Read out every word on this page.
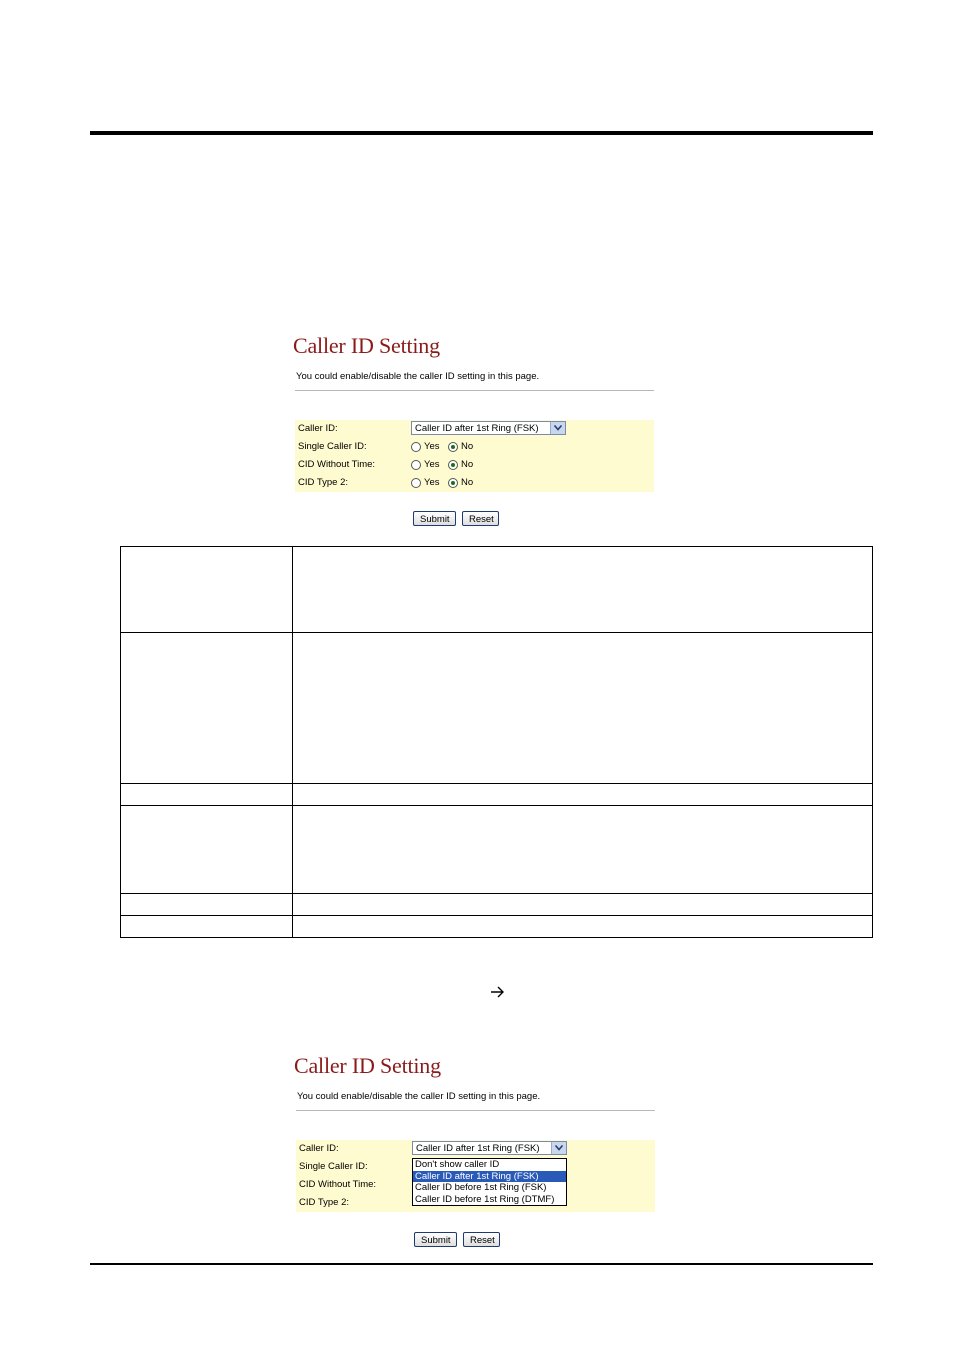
Caller ID Setting
You could enable/disable the caller ID setting in this page.
Caller ID:	Caller ID after 1st Ring (FSK)
Single Caller ID:	Yes No
CID Without Time:	Yes No
CID Type 2:	Yes No
Submit	Reset

Caller ID Setting
You could enable/disable the caller ID setting in this page.
Caller ID:	Caller ID after 1st Ring (FSK)
Don't show caller ID
Caller ID after 1st Ring (FSK)
Caller ID before 1st Ring (FSK)
Caller ID before 1st Ring (DTMF)
Single Caller ID:
CID Without Time:
CID Type 2:
Submit	Reset
